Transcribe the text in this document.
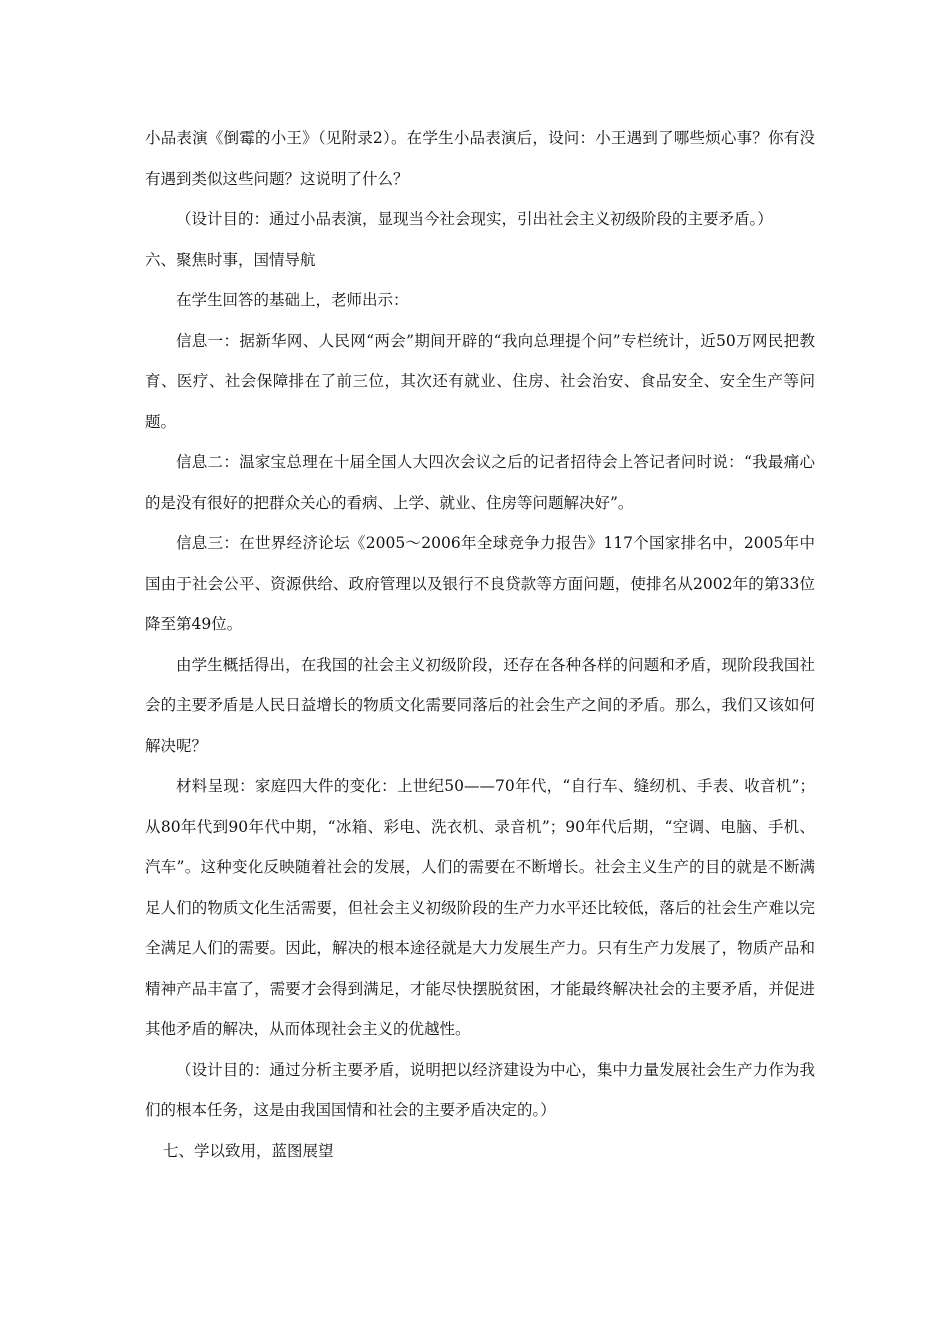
小品表演《倒霉的小王》（见附录2）。在学生小品表演后，设问：小王遇到了哪些烦心事？你有没有遇到类似这些问题？这说明了什么？

（设计目的：通过小品表演，显现当今社会现实，引出社会主义初级阶段的主要矛盾。）

六、聚焦时事，国情导航

在学生回答的基础上，老师出示：

信息一：据新华网、人民网“两会”期间开辟的“我向总理提个问”专栏统计，近50万网民把教育、医疗、社会保障排在了前三位，其次还有就业、住房、社会治安、食品安全、安全生产等问题。

信息二：温家宝总理在十届全国人大四次会议之后的记者招待会上答记者问时说：“我最痛心的是没有很好的把群众关心的看病、上学、就业、住房等问题解决好”。

信息三：在世界经济论坛《2005～2006年全球竞争力报告》117个国家排名中，2005年中国由于社会公平、资源供给、政府管理以及银行不良贷款等方面问题，使排名从2002年的第33位降至第49位。

由学生概括得出，在我国的社会主义初级阶段，还存在各种各样的问题和矛盾，现阶段我国社会的主要矛盾是人民日益增长的物质文化需要同落后的社会生产之间的矛盾。那么，我们又该如何解决呢？

材料呈现：家庭四大件的变化：上世纪50——70年代，“自行车、缝纫机、手表、收音机”；从80年代到90年代中期，“冰箱、彩电、洗衣机、录音机”；90年代后期，“空调、电脑、手机、汽车”。这种变化反映随着社会的发展，人们的需要在不断增长。社会主义生产的目的就是不断满足人们的物质文化生活需要，但社会主义初级阶段的生产力水平还比较低，落后的社会生产难以完全满足人们的需要。因此，解决的根本途径就是大力发展生产力。只有生产力发展了，物质产品和精神产品丰富了，需要才会得到满足，才能尽快摆脱贫困，才能最终解决社会的主要矛盾，并促进其他矛盾的解决，从而体现社会主义的优越性。

（设计目的：通过分析主要矛盾，说明把以经济建设为中心，集中力量发展社会生产力作为我们的根本任务，这是由我国国情和社会的主要矛盾决定的。）

七、学以致用，蓝图展望
